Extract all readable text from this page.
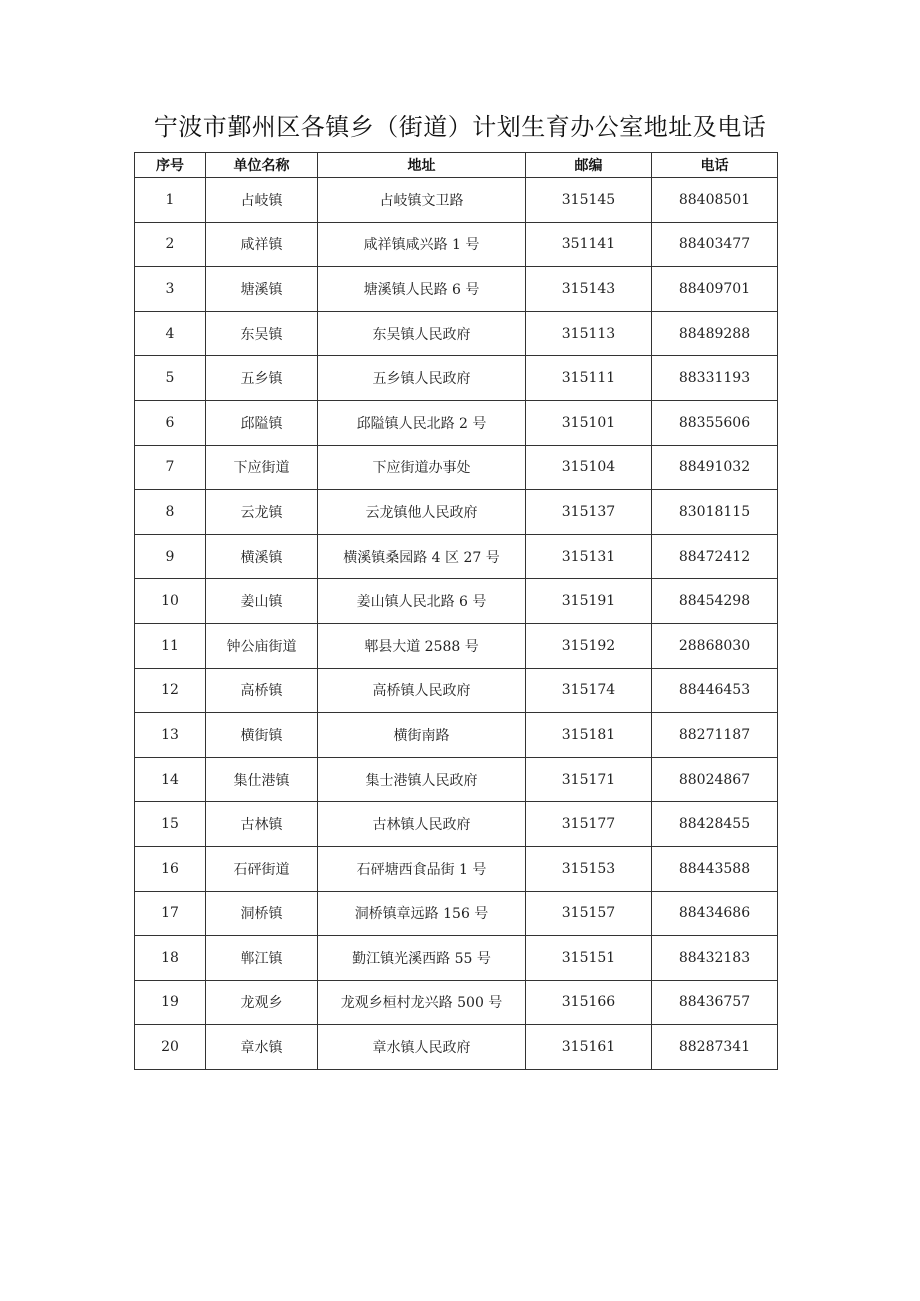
宁波市鄞州区各镇乡（街道）计划生育办公室地址及电话
序号	单位名称	地址	邮编	电话
1	占岐镇	占岐镇文卫路	315145	88408501
2	咸祥镇	咸祥镇咸兴路 1 号	351141	88403477
3	塘溪镇	塘溪镇人民路 6 号	315143	88409701
4	东吴镇	东吴镇人民政府	315113	88489288
5	五乡镇	五乡镇人民政府	315111	88331193
6	邱隘镇	邱隘镇人民北路 2 号	315101	88355606
7	下应街道	下应街道办事处	315104	88491032
8	云龙镇	云龙镇他人民政府	315137	83018115
9	横溪镇	横溪镇桑园路 4 区 27 号	315131	88472412
10	姜山镇	姜山镇人民北路 6 号	315191	88454298
11	钟公庙街道	郫县大道 2588 号	315192	28868030
12	高桥镇	高桥镇人民政府	315174	88446453
13	横街镇	横街南路	315181	88271187
14	集仕港镇	集士港镇人民政府	315171	88024867
15	古林镇	古林镇人民政府	315177	88428455
16	石砰街道	石砰塘西食品街 1 号	315153	88443588
17	洞桥镇	洞桥镇章远路 156 号	315157	88434686
18	郸江镇	勤江镇光溪西路 55 号	315151	88432183
19	龙观乡	龙观乡桓村龙兴路 500 号	315166	88436757
20	章水镇	章水镇人民政府	315161	88287341
